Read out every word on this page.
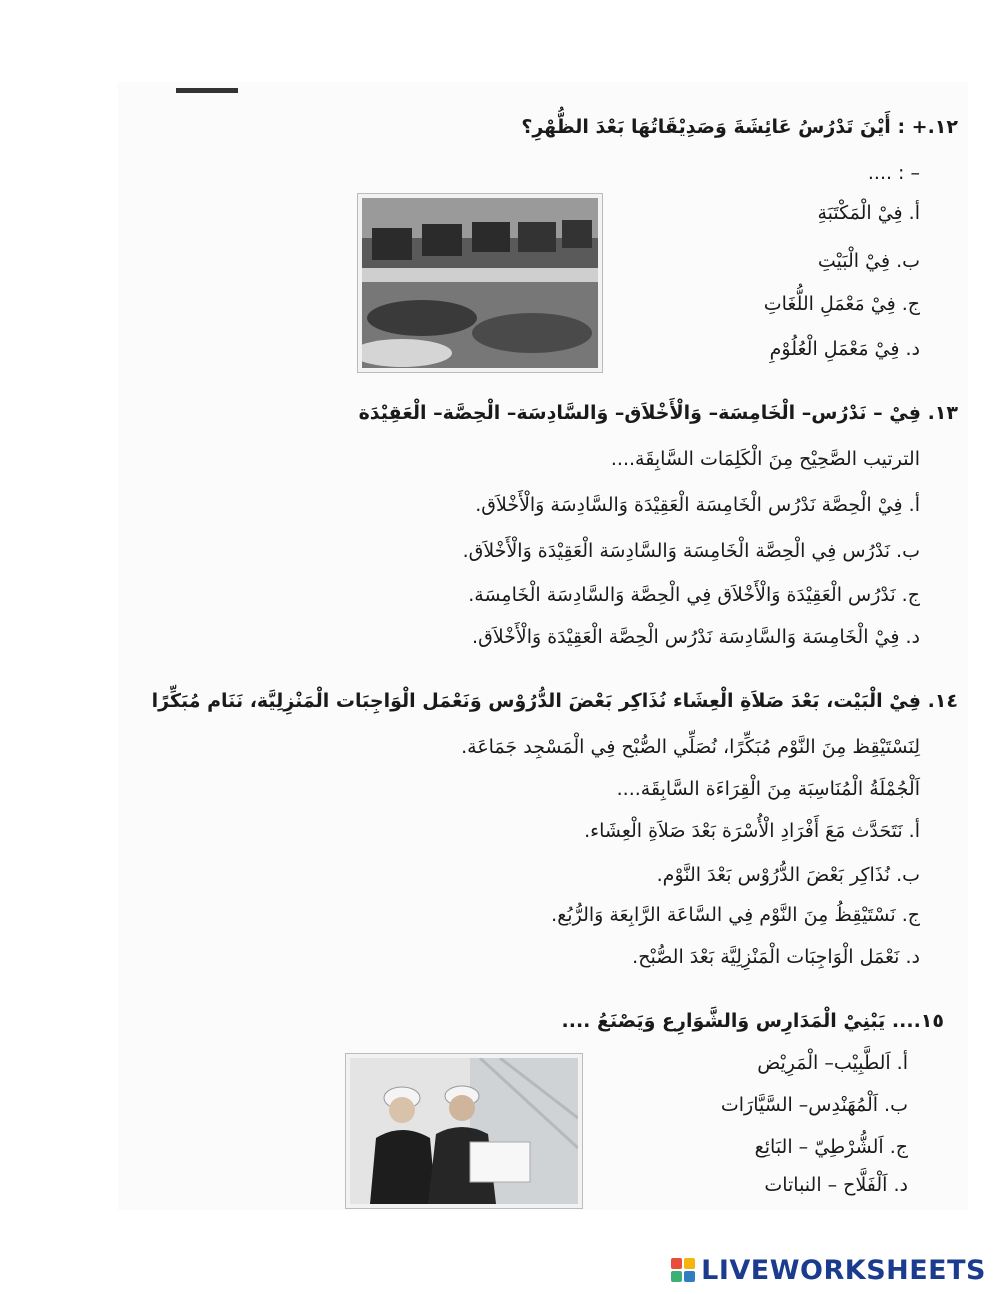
١٢.+ : أَيْنَ تَدْرُسُ عَائِشَةَ وَصَدِيْقَاتُهَا بَعْدَ الظُّهْرِ؟
– : ....
أ. فِيْ الْمَكْتَبَةِ
ب. فِيْ الْبَيْتِ
ج. فِيْ مَعْمَلِ اللُّغَاتِ
د. فِيْ مَعْمَلِ الْعُلُوْمِ
١٣. فِيْ – نَدْرُس– الْخَامِسَة– وَالْأَخْلاَق– وَالسَّادِسَة– الْحِصَّة– الْعَقِيْدَة
الترتيب الصَّحِيْح مِنَ الْكَلِمَات السَّابِقَة....
أ. فِيْ الْحِصَّة نَدْرُس الْخَامِسَة الْعَقِيْدَة وَالسَّادِسَة وَالْأَخْلاَق.
ب. نَدْرُس فِي الْحِصَّة الْخَامِسَة وَالسَّادِسَة الْعَقِيْدَة وَالْأَخْلاَق.
ج. نَدْرُس الْعَقِيْدَة وَالْأَخْلاَق فِي الْحِصَّة وَالسَّادِسَة الْخَامِسَة.
د. فِيْ الْخَامِسَة وَالسَّادِسَة نَدْرُس الْحِصَّة الْعَقِيْدَة وَالْأَخْلاَق.
١٤. فِيْ الْبَيْت، بَعْدَ صَلاَةِ الْعِشَاء نُذَاكِر بَعْضَ الدُّرُوْس وَنَعْمَل الْوَاجِبَات الْمَنْزِلِيَّة، نَنَام مُبَكِّرًا
لِنَسْتَيْقِظ مِنَ النَّوْم مُبَكِّرًا، نُصَلِّي الصُّبْح فِي الْمَسْجِد جَمَاعَة.
اَلْجُمْلَةُ الْمُنَاسِبَة مِنَ الْقِرَاءَة السَّابِقَة....
أ. نَتَحَدَّث مَعَ أَفْرَادِ الْأُسْرَة بَعْدَ صَلاَةِ الْعِشَاء.
ب. نُذَاكِر بَعْضَ الدُّرُوْس بَعْدَ النَّوْم.
ج. نَسْتَيْقِظُ مِنَ النَّوْم فِي السَّاعَة الرَّابِعَة وَالرُّبُع.
د. نَعْمَل الْوَاجِبَات الْمَنْزِلِيَّة بَعْدَ الصُّبْح.
١٥.... يَبْنِيْ الْمَدَارِس وَالشَّوَارِع وَيَصْنَعُ ....
أ. اَلطَّبِيْب– الْمَرِيْض
ب. اَلْمُهَنْدِس– السَّيَّارَات
ج. اَلشُّرْطِيّ – البَائِع
د. اَلْفَلَّاح – النباتات
LIVEWORKSHEETS
